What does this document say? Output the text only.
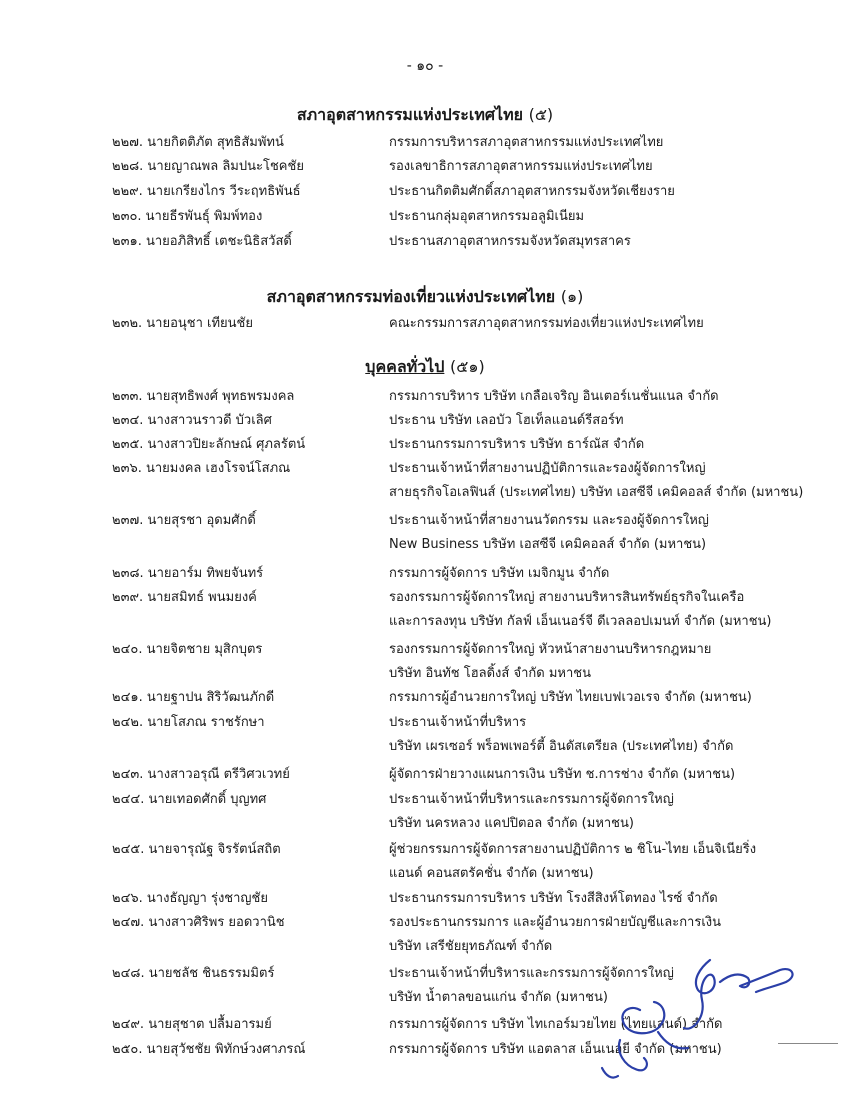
- ๑๐ -
สภาอุตสาหกรรมแห่งประเทศไทย (๕)
๒๒๗. นายกิตติภัต สุทธิสัมพัทน์	กรรมการบริหารสภาอุตสาหกรรมแห่งประเทศไทย
๒๒๘. นายญาณพล ลิมปนะโชคชัย	รองเลขาธิการสภาอุตสาหกรรมแห่งประเทศไทย
๒๒๙. นายเกรียงไกร วีระฤทธิพันธ์	ประธานกิตติมศักดิ์สภาอุตสาหกรรมจังหวัดเชียงราย
๒๓๐. นายธีรพันธุ์ พิมพ์ทอง	ประธานกลุ่มอุตสาหกรรมอลูมิเนียม
๒๓๑. นายอภิสิทธิ์ เตชะนิธิสวัสดิ์	ประธานสภาอุตสาหกรรมจังหวัดสมุทรสาคร
สภาอุตสาหกรรมท่องเที่ยวแห่งประเทศไทย (๑)
๒๓๒. นายอนุชา เทียนชัย	คณะกรรมการสภาอุตสาหกรรมท่องเที่ยวแห่งประเทศไทย
บุคคลทั่วไป (๕๑)
๒๓๓. นายสุทธิพงศ์ พุทธพรมงคล	กรรมการบริหาร บริษัท เกลือเจริญ อินเตอร์เนชั่นแนล จำกัด
๒๓๔. นางสาวนราวดี บัวเลิศ	ประธาน บริษัท เลอบัว โฮเท็ลแอนด์รีสอร์ท
๒๓๕. นางสาวปิยะลักษณ์ ศุภลรัตน์	ประธานกรรมการบริหาร บริษัท ธาร์ณัส จำกัด
๒๓๖. นายมงคล เฮงโรจน์โสภณ	ประธานเจ้าหน้าที่สายงานปฏิบัติการและรองผู้จัดการใหญ่
สายธุรกิจโอเลฟินส์ (ประเทศไทย) บริษัท เอสซีจี เคมิคอลส์ จำกัด (มหาชน)
๒๓๗. นายสุรชา อุดมศักดิ์	ประธานเจ้าหน้าที่สายงานนวัตกรรม และรองผู้จัดการใหญ่
New Business บริษัท เอสซีจี เคมิคอลส์ จำกัด (มหาชน)
๒๓๘. นายอาร์ม ทิพยจันทร์	กรรมการผู้จัดการ บริษัท เมจิกมูน จำกัด
๒๓๙. นายสมิทธ์ พนมยงค์	รองกรรมการผู้จัดการใหญ่ สายงานบริหารสินทรัพย์ธุรกิจในเครือ
และการลงทุน บริษัท กัลฟ์ เอ็นเนอร์จี ดีเวลลอปเมนท์ จำกัด (มหาชน)
๒๔๐. นายจิตชาย มุสิกบุตร	รองกรรมการผู้จัดการใหญ่ หัวหน้าสายงานบริหารกฎหมาย
บริษัท อินทัช โฮลดิ้งส์ จำกัด มหาชน
๒๔๑. นายฐาปน สิริวัฒนภักดี	กรรมการผู้อำนวยการใหญ่ บริษัท ไทยเบฟเวอเรจ จำกัด (มหาชน)
๒๔๒. นายโสภณ ราชรักษา	ประธานเจ้าหน้าที่บริหาร
บริษัท เผรเซอร์ พร็อพเพอร์ตี้ อินดัสเตรียล (ประเทศไทย) จำกัด
๒๔๓. นางสาวอรุณี ตรีวิศวเวทย์	ผู้จัดการฝ่ายวางแผนการเงิน บริษัท ช.การช่าง จำกัด (มหาชน)
๒๔๔. นายเทอดศักดิ์ บุญทศ	ประธานเจ้าหน้าที่บริหารและกรรมการผู้จัดการใหญ่
บริษัท นครหลวง แคปปิตอล จำกัด (มหาชน)
๒๔๕. นายจารุณัฐ จิรรัตน์สถิต	ผู้ช่วยกรรมการผู้จัดการสายงานปฏิบัติการ ๒ ชิโน-ไทย เอ็นจิเนียริ่ง
แอนด์ คอนสตรัคชั่น จำกัด (มหาชน)
๒๔๖. นางธัญญา รุ่งชาญชัย	ประธานกรรมการบริหาร บริษัท โรงสีสิงห์โตทอง ไรซ์ จำกัด
๒๔๗. นางสาวศิริพร ยอดวานิช	รองประธานกรรมการ และผู้อำนวยการฝ่ายบัญชีและการเงิน
บริษัท เสรีชัยยุทธภัณฑ์ จำกัด
๒๔๘. นายชลัช ชินธรรมมิตร์	ประธานเจ้าหน้าที่บริหารและกรรมการผู้จัดการใหญ่
บริษัท น้ำตาลขอนแก่น จำกัด (มหาชน)
๒๔๙. นายสุชาต ปลื้มอารมย์	กรรมการผู้จัดการ บริษัท ไทเกอร์มวยไทย (ไทยแลนด์) จำกัด
๒๕๐. นายสุวัชชัย พิทักษ์วงศาภรณ์	กรรมการผู้จัดการ บริษัท แอตลาส เอ็นเนอยี จำกัด (มหาชน)
